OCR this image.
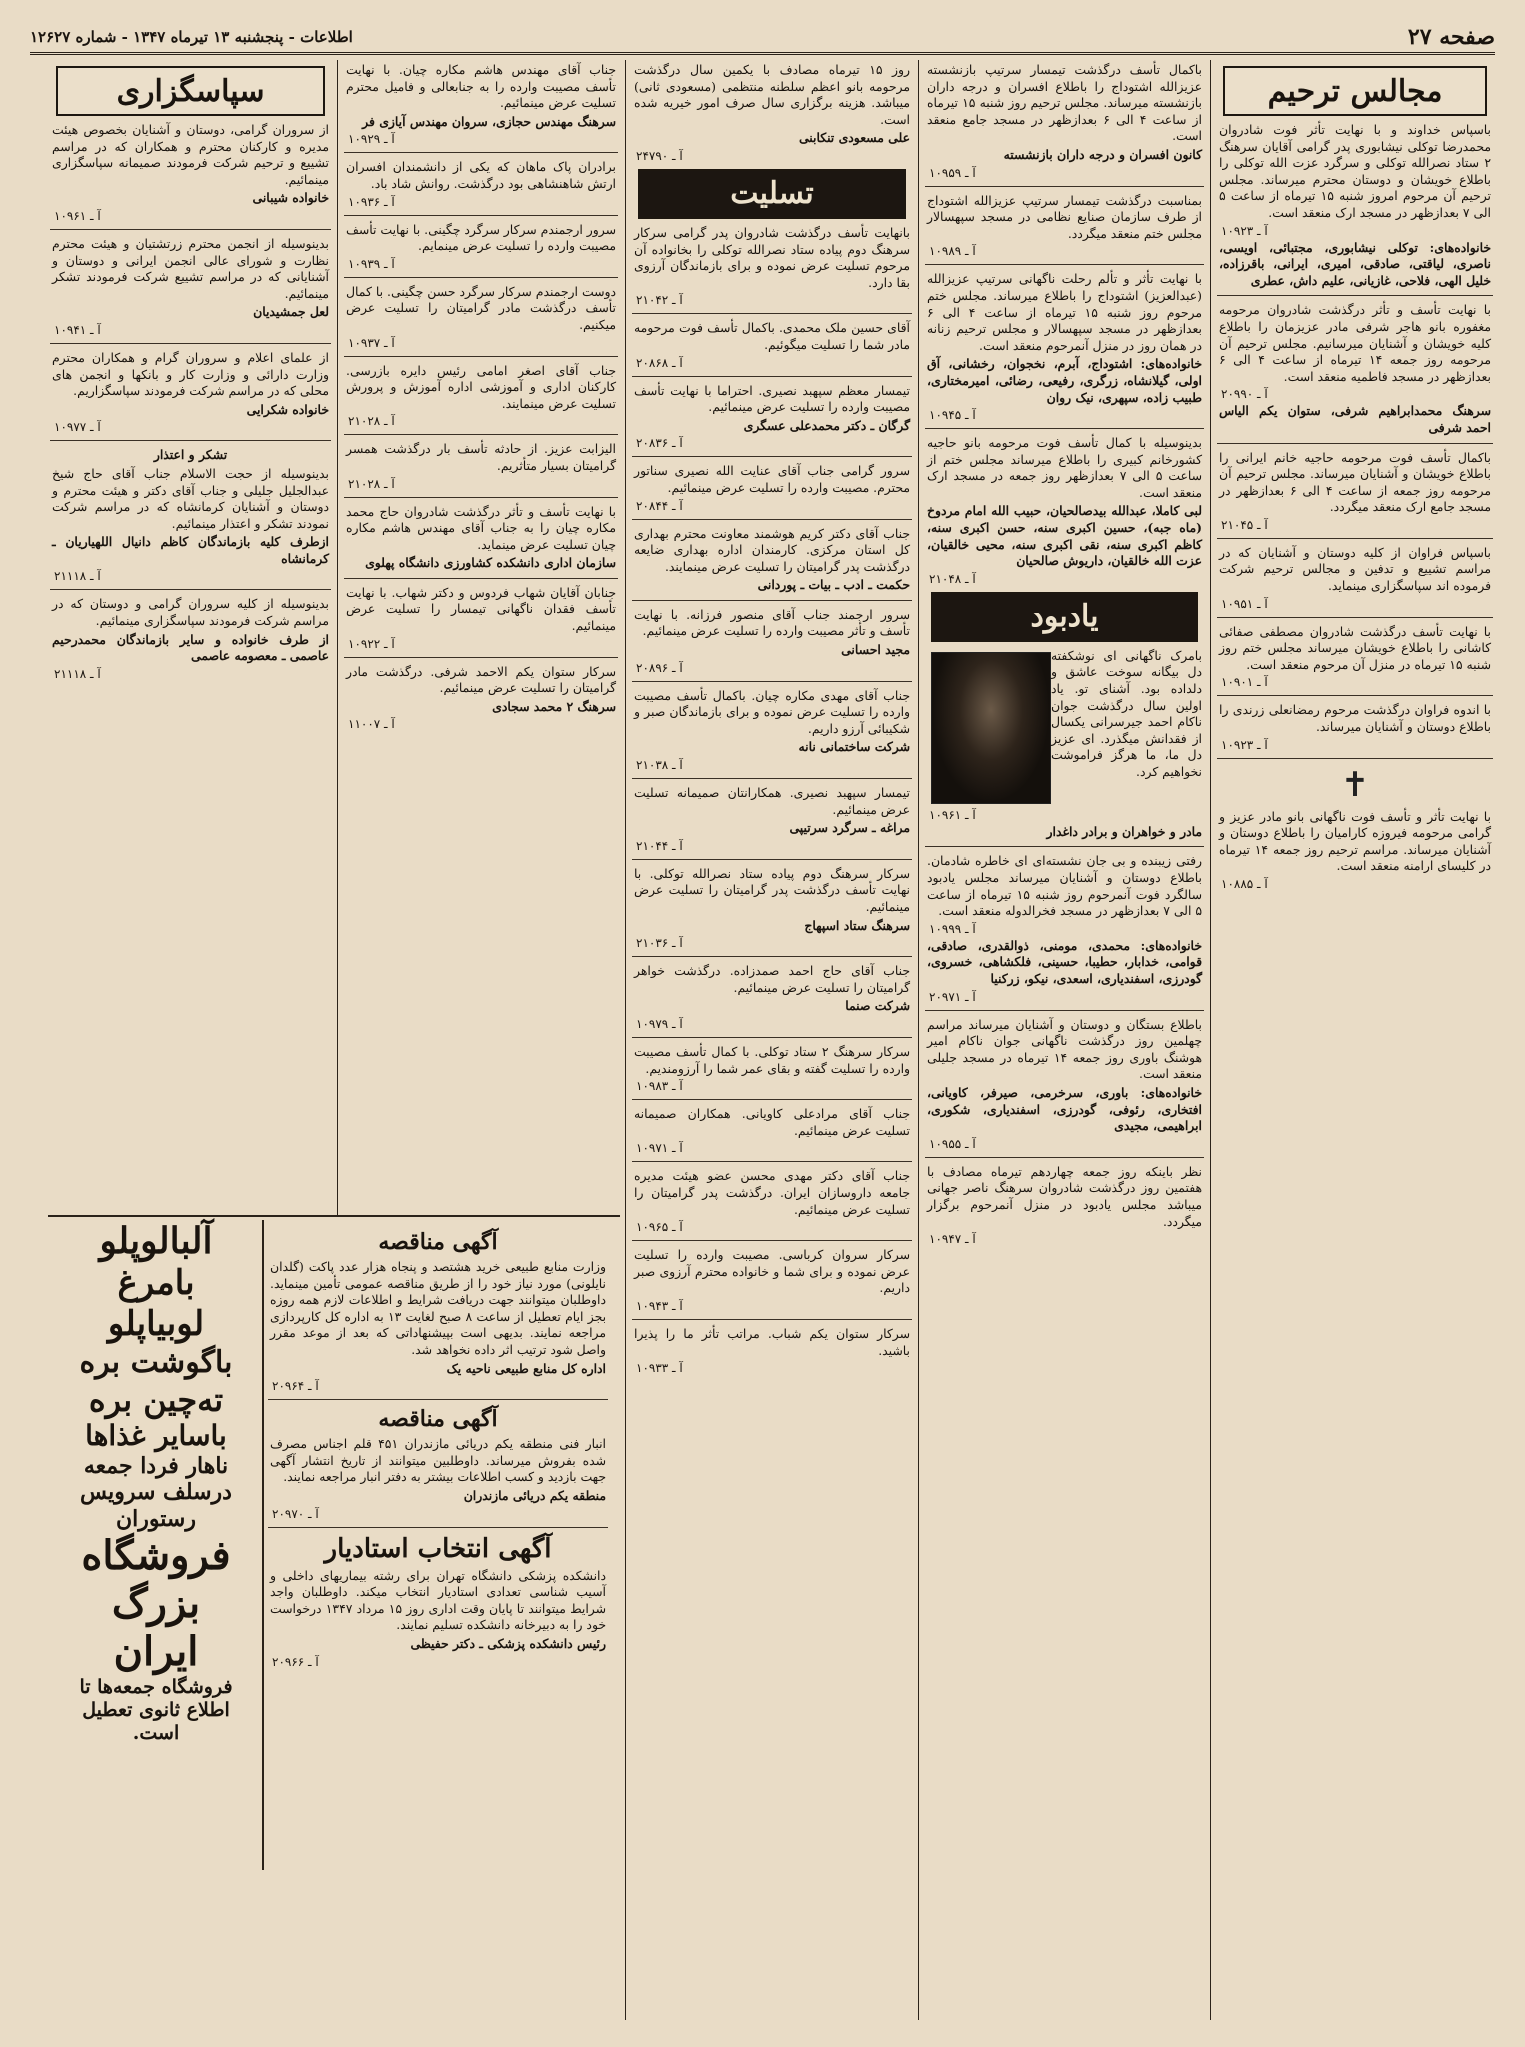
صفحه ۲۷
اطلاعات - پنجشنبه ۱۳ تیرماه ۱۳۴۷ - شماره ۱۲۶۲۷
مجالس ترحیم
باسپاس خداوند و با نهایت تأثر فوت شادروان محمدرضا توکلی نیشابوری پدر گرامی آقایان سرهنگ ۲ ستاد نصرالله توکلی و سرگرد عزت الله توکلی را باطلاع خویشان و دوستان محترم میرساند. مجلس ترحیم آن مرحوم امروز شنبه ۱۵ تیرماه از ساعت ۵ الی ۷ بعدازظهر در مسجد ارک منعقد است.
آ ـ ۱۰۹۲۳
خانواده‌های: توکلی نیشابوری، مجتبائی، اویسی، ناصری، لیاقتی، صادقی، امیری، ایرانی، باقرزاده، خلیل الهی، فلاحی، غازیانی، علیم داش، عطری
با نهایت تأسف و تأثر درگذشت شادروان مرحومه مغفوره بانو هاجر شرفی مادر عزیزمان را باطلاع کلیه خویشان و آشنایان میرسانیم. مجلس ترحیم آن مرحومه روز جمعه ۱۴ تیرماه از ساعت ۴ الی ۶ بعدازظهر در مسجد فاطمیه منعقد است.
آ ـ ۲۰۹۹۰
سرهنگ محمدابراهیم شرفی، ستوان یکم الیاس احمد شرفی
باکمال تأسف فوت مرحومه حاجیه خانم ایرانی را باطلاع خویشان و آشنایان میرساند. مجلس ترحیم آن مرحومه روز جمعه از ساعت ۴ الی ۶ بعدازظهر در مسجد جامع ارک منعقد میگردد.
آ ـ ۲۱۰۴۵
باسپاس فراوان از کلیه دوستان و آشنایان که در مراسم تشییع و تدفین و مجالس ترحیم شرکت فرموده اند سپاسگزاری مینماید.
آ ـ ۱۰۹۵۱
با نهایت تأسف درگذشت شادروان مصطفی صفائی کاشانی را باطلاع خویشان میرساند مجلس ختم روز شنبه ۱۵ تیرماه در منزل آن مرحوم منعقد است.
آ ـ ۱۰۹۰۱
با اندوه فراوان درگذشت مرحوم رمضانعلی زرندی را باطلاع دوستان و آشنایان میرساند.
آ ـ ۱۰۹۲۳
✝
با نهایت تأثر و تأسف فوت ناگهانی بانو مادر عزیز و گرامی مرحومه فیروزه کارامیان را باطلاع دوستان و آشنایان میرساند. مراسم ترحیم روز جمعه ۱۴ تیرماه در کلیسای ارامنه منعقد است.
آ ـ ۱۰۸۸۵
باکمال تأسف درگذشت تیمسار سرتیپ بازنشسته عزیزالله اشتوداج را باطلاع افسران و درجه داران بازنشسته میرساند. مجلس ترحیم روز شنبه ۱۵ تیرماه از ساعت ۴ الی ۶ بعدازظهر در مسجد جامع منعقد است.
کانون افسران و درجه داران بازنشسته
آ ـ ۱۰۹۵۹
بمناسبت درگذشت تیمسار سرتیپ عزیزالله اشتوداج از طرف سازمان صنایع نظامی در مسجد سپهسالار مجلس ختم منعقد میگردد.
آ ـ ۱۰۹۸۹
با نهایت تأثر و تألم رحلت ناگهانی سرتیپ عزیزالله (عبدالعزیز) اشتوداج را باطلاع میرساند. مجلس ختم مرحوم روز شنبه ۱۵ تیرماه از ساعت ۴ الی ۶ بعدازظهر در مسجد سپهسالار و مجلس ترحیم زنانه در همان روز در منزل آنمرحوم منعقد است.
خانواده‌های: اشتوداج، آبرم، نخجوان، رخشانی، آق اولی، گیلانشاه، زرگری، رفیعی، رضائی، امیرمختاری، طبیب زاده، سپهری، نیک روان
آ ـ ۱۰۹۴۵
بدینوسیله با کمال تأسف فوت مرحومه بانو حاجیه کشورخانم کبیری را باطلاع میرساند مجلس ختم از ساعت ۵ الی ۷ بعدازظهر روز جمعه در مسجد ارک منعقد است.
لبی کاملا، عبدالله بیدصالحیان، حبیب الله امام مردوخ (ماه جبه)، حسین اکبری سنه، حسن اکبری سنه، کاظم اکبری سنه، نقی اکبری سنه، محیی خالقیان، عزت الله خالقیان، داریوش صالحیان
آ ـ ۲۱۰۴۸
یادبود
بامرک ناگهانی ای نوشکفته دل بیگانه سوخت عاشق و دلداده بود. آشنای تو. یاد اولین سال درگذشت جوان ناکام احمد جیرسرانی یکسال از فقدانش میگذرد. ای عزیز دل ما، ما هرگز فراموشت نخواهیم کرد.
آ ـ ۱۰۹۶۱
مادر و خواهران و برادر داغدار
رفتی زیبنده و بی جان نشسته‌ای ای خاطره شادمان. باطلاع دوستان و آشنایان میرساند مجلس یادبود سالگرد فوت آنمرحوم روز شنبه ۱۵ تیرماه از ساعت ۵ الی ۷ بعدازظهر در مسجد فخرالدوله منعقد است.
آ ـ ۱۰۹۹۹
خانواده‌های: محمدی، مومنی، ذوالقدری، صادقی، قوامی، خدابار، حطیبا، حسینی، فلکشاهی، خسروی، گودرزی، اسفندیاری، اسعدی، نیکو، زرکنیا
آ ـ ۲۰۹۷۱
باطلاع بستگان و دوستان و آشنایان میرساند مراسم چهلمین روز درگذشت ناگهانی جوان ناکام امیر هوشنگ باوری روز جمعه ۱۴ تیرماه در مسجد جلیلی منعقد است.
خانواده‌های: باوری، سرخرمی، صیرفر، کاویانی، افتخاری، رئوفی، گودرزی، اسفندیاری، شکوری، ابراهیمی، مجیدی
آ ـ ۱۰۹۵۵
نظر باینکه روز جمعه چهاردهم تیرماه مصادف با هفتمین روز درگذشت شادروان سرهنگ ناصر جهانی میباشد مجلس یادبود در منزل آنمرحوم برگزار میگردد.
آ ـ ۱۰۹۴۷
روز ۱۵ تیرماه مصادف با یکمین سال درگذشت مرحومه بانو اعظم سلطنه منتظمی (مسعودی ثانی) میباشد. هزینه برگزاری سال صرف امور خیریه شده است.
علی مسعودی تنکابنی
آ ـ ۲۴۷۹۰
تسلیت
بانهایت تأسف درگذشت شادروان پدر گرامی سرکار سرهنگ دوم پیاده ستاد نصرالله توکلی را بخانواده آن مرحوم تسلیت عرض نموده و برای بازماندگان آرزوی بقا دارد.
آ ـ ۲۱۰۴۲
آقای حسین ملک محمدی. باکمال تأسف فوت مرحومه مادر شما را تسلیت میگوئیم.
آ ـ ۲۰۸۶۸
تیمسار معظم سپهبد نصیری. احتراما با نهایت تأسف مصیبت وارده را تسلیت عرض مینمائیم.
گرگان ـ دکتر محمدعلی عسگری
آ ـ ۲۰۸۳۶
سرور گرامی جناب آقای عنایت الله نصیری سناتور محترم. مصیبت وارده را تسلیت عرض مینمائیم.
آ ـ ۲۰۸۴۴
جناب آقای دکتر کریم هوشمند معاونت محترم بهداری کل استان مرکزی. کارمندان اداره بهداری ضایعه درگذشت پدر گرامیتان را تسلیت عرض مینمایند.
حکمت ـ ادب ـ بیات ـ پوردانی
سرور ارجمند جناب آقای منصور فرزانه. با نهایت تأسف و تأثر مصیبت وارده را تسلیت عرض مینمائیم.
مجید احسانی
آ ـ ۲۰۸۹۶
جناب آقای مهدی مکاره چیان. باکمال تأسف مصیبت وارده را تسلیت عرض نموده و برای بازماندگان صبر و شکیبائی آرزو داریم.
شرکت ساختمانی نانه
آ ـ ۲۱۰۳۸
تیمسار سپهبد نصیری. همکارانتان صمیمانه تسلیت عرض مینمائیم.
مراغه ـ سرگرد سرتیپی
آ ـ ۲۱۰۴۴
سرکار سرهنگ دوم پیاده ستاد نصرالله توکلی. با نهایت تأسف درگذشت پدر گرامیتان را تسلیت عرض مینمائیم.
سرهنگ ستاد اسپهاج
آ ـ ۲۱۰۳۶
جناب آقای حاج احمد صمدزاده. درگذشت خواهر گرامیتان را تسلیت عرض مینمائیم.
شرکت صنما
آ ـ ۱۰۹۷۹
سرکار سرهنگ ۲ ستاد توکلی. با کمال تأسف مصیبت وارده را تسلیت گفته و بقای عمر شما را آرزومندیم.
آ ـ ۱۰۹۸۳
جناب آقای مرادعلی کاویانی. همکاران صمیمانه تسلیت عرض مینمائیم.
آ ـ ۱۰۹۷۱
جناب آقای دکتر مهدی محسن عضو هیئت مدیره جامعه داروسازان ایران. درگذشت پدر گرامیتان را تسلیت عرض مینمائیم.
آ ـ ۱۰۹۶۵
سرکار سروان کرباسی. مصیبت وارده را تسلیت عرض نموده و برای شما و خانواده محترم آرزوی صبر داریم.
آ ـ ۱۰۹۴۳
سرکار ستوان یکم شباب. مراتب تأثر ما را پذیرا باشید.
آ ـ ۱۰۹۳۳
جناب آقای مهندس هاشم مکاره چیان. با نهایت تأسف مصیبت وارده را به جنابعالی و فامیل محترم تسلیت عرض مینمائیم.
سرهنگ مهندس حجازی، سروان مهندس آیازی فر
آ ـ ۱۰۹۲۹
برادران پاک ماهان که یکی از دانشمندان افسران ارتش شاهنشاهی بود درگذشت. روانش شاد باد.
آ ـ ۱۰۹۳۶
سرور ارجمندم سرکار سرگرد چگینی. با نهایت تأسف مصیبت وارده را تسلیت عرض مینمایم.
آ ـ ۱۰۹۳۹
دوست ارجمندم سرکار سرگرد حسن چگینی. با کمال تأسف درگذشت مادر گرامیتان را تسلیت عرض میکنیم.
آ ـ ۱۰۹۳۷
جناب آقای اصغر امامی رئیس دایره بازرسی. کارکنان اداری و آموزشی اداره آموزش و پرورش تسلیت عرض مینمایند.
آ ـ ۲۱۰۲۸
الیزابت عزیز. از حادثه تأسف بار درگذشت همسر گرامیتان بسیار متأثریم.
آ ـ ۲۱۰۲۸
با نهایت تأسف و تأثر درگذشت شادروان حاج محمد مکاره چیان را به جناب آقای مهندس هاشم مکاره چیان تسلیت عرض مینماید.
سازمان اداری دانشکده کشاورزی دانشگاه پهلوی
جنابان آقایان شهاب فردوس و دکتر شهاب. با نهایت تأسف فقدان ناگهانی تیمسار را تسلیت عرض مینمائیم.
آ ـ ۱۰۹۲۲
سرکار ستوان یکم الاحمد شرفی. درگذشت مادر گرامیتان را تسلیت عرض مینمائیم.
سرهنگ ۲ محمد سجادی
آ ـ ۱۱۰۰۷
سپاسگزاری
از سروران گرامی، دوستان و آشنایان بخصوص هیئت مدیره و کارکنان محترم و همکاران که در مراسم تشییع و ترحیم شرکت فرمودند صمیمانه سپاسگزاری مینمائیم.
خانواده شیبانی
آ ـ ۱۰۹۶۱
بدینوسیله از انجمن محترم زرتشتیان و هیئت محترم نظارت و شورای عالی انجمن ایرانی و دوستان و آشنایانی که در مراسم تشییع شرکت فرمودند تشکر مینمائیم.
لعل جمشیدیان
آ ـ ۱۰۹۴۱
از علمای اعلام و سروران گرام و همکاران محترم وزارت دارائی و وزارت کار و بانکها و انجمن های محلی که در مراسم شرکت فرمودند سپاسگزاریم.
خانواده شکرایی
آ ـ ۱۰۹۷۷
تشکر و اعتذار
بدینوسیله از حجت الاسلام جناب آقای حاج شیخ عبدالجلیل جلیلی و جناب آقای دکتر و هیئت محترم و دوستان و آشنایان کرمانشاه که در مراسم شرکت نمودند تشکر و اعتذار مینمائیم.
ازطرف کلیه بازماندگان کاظم دانیال اللهیاریان ـ کرمانشاه
آ ـ ۲۱۱۱۸
بدینوسیله از کلیه سروران گرامی و دوستان که در مراسم شرکت فرمودند سپاسگزاری مینمائیم.
از طرف خانواده و سایر بازماندگان محمدرحیم عاصمی ـ معصومه عاصمی
آ ـ ۲۱۱۱۸
آلبالوپلو
بامرغ
لوبیاپلو
باگوشت بره
ته‌چین بره
باسایر غذاها
ناهار فردا جمعه
درسلف سرویس
رستوران
فروشگاه
بزرگ
ایران
فروشگاه جمعه‌ها تا
اطلاع ثانوی تعطیل
است.
آگهی مناقصه
وزارت منابع طبیعی خرید هشتصد و پنجاه هزار عدد پاکت (گلدان نایلونی) مورد نیاز خود را از طریق مناقصه عمومی تأمین مینماید. داوطلبان میتوانند جهت دریافت شرایط و اطلاعات لازم همه روزه بجز ایام تعطیل از ساعت ۸ صبح لغایت ۱۳ به اداره کل کارپردازی مراجعه نمایند. بدیهی است بپیشنهاداتی که بعد از موعد مقرر واصل شود ترتیب اثر داده نخواهد شد.
اداره کل منابع طبیعی ناحیه یک
آ ـ ۲۰۹۶۴
آگهی مناقصه
انبار فنی منطقه یکم دریائی مازندران ۴۵۱ قلم اجناس مصرف شده بفروش میرساند. داوطلبین میتوانند از تاریخ انتشار آگهی جهت بازدید و کسب اطلاعات بیشتر به دفتر انبار مراجعه نمایند.
منطقه یکم دریائی مازندران
آ ـ ۲۰۹۷۰
آگهی انتخاب استادیار
دانشکده پزشکی دانشگاه تهران برای رشته بیماریهای داخلی و آسیب شناسی تعدادی استادیار انتخاب میکند. داوطلبان واجد شرایط میتوانند تا پایان وقت اداری روز ۱۵ مرداد ۱۳۴۷ درخواست خود را به دبیرخانه دانشکده تسلیم نمایند.
رئیس دانشکده پزشکی ـ دکتر حفیظی
آ ـ ۲۰۹۶۶
